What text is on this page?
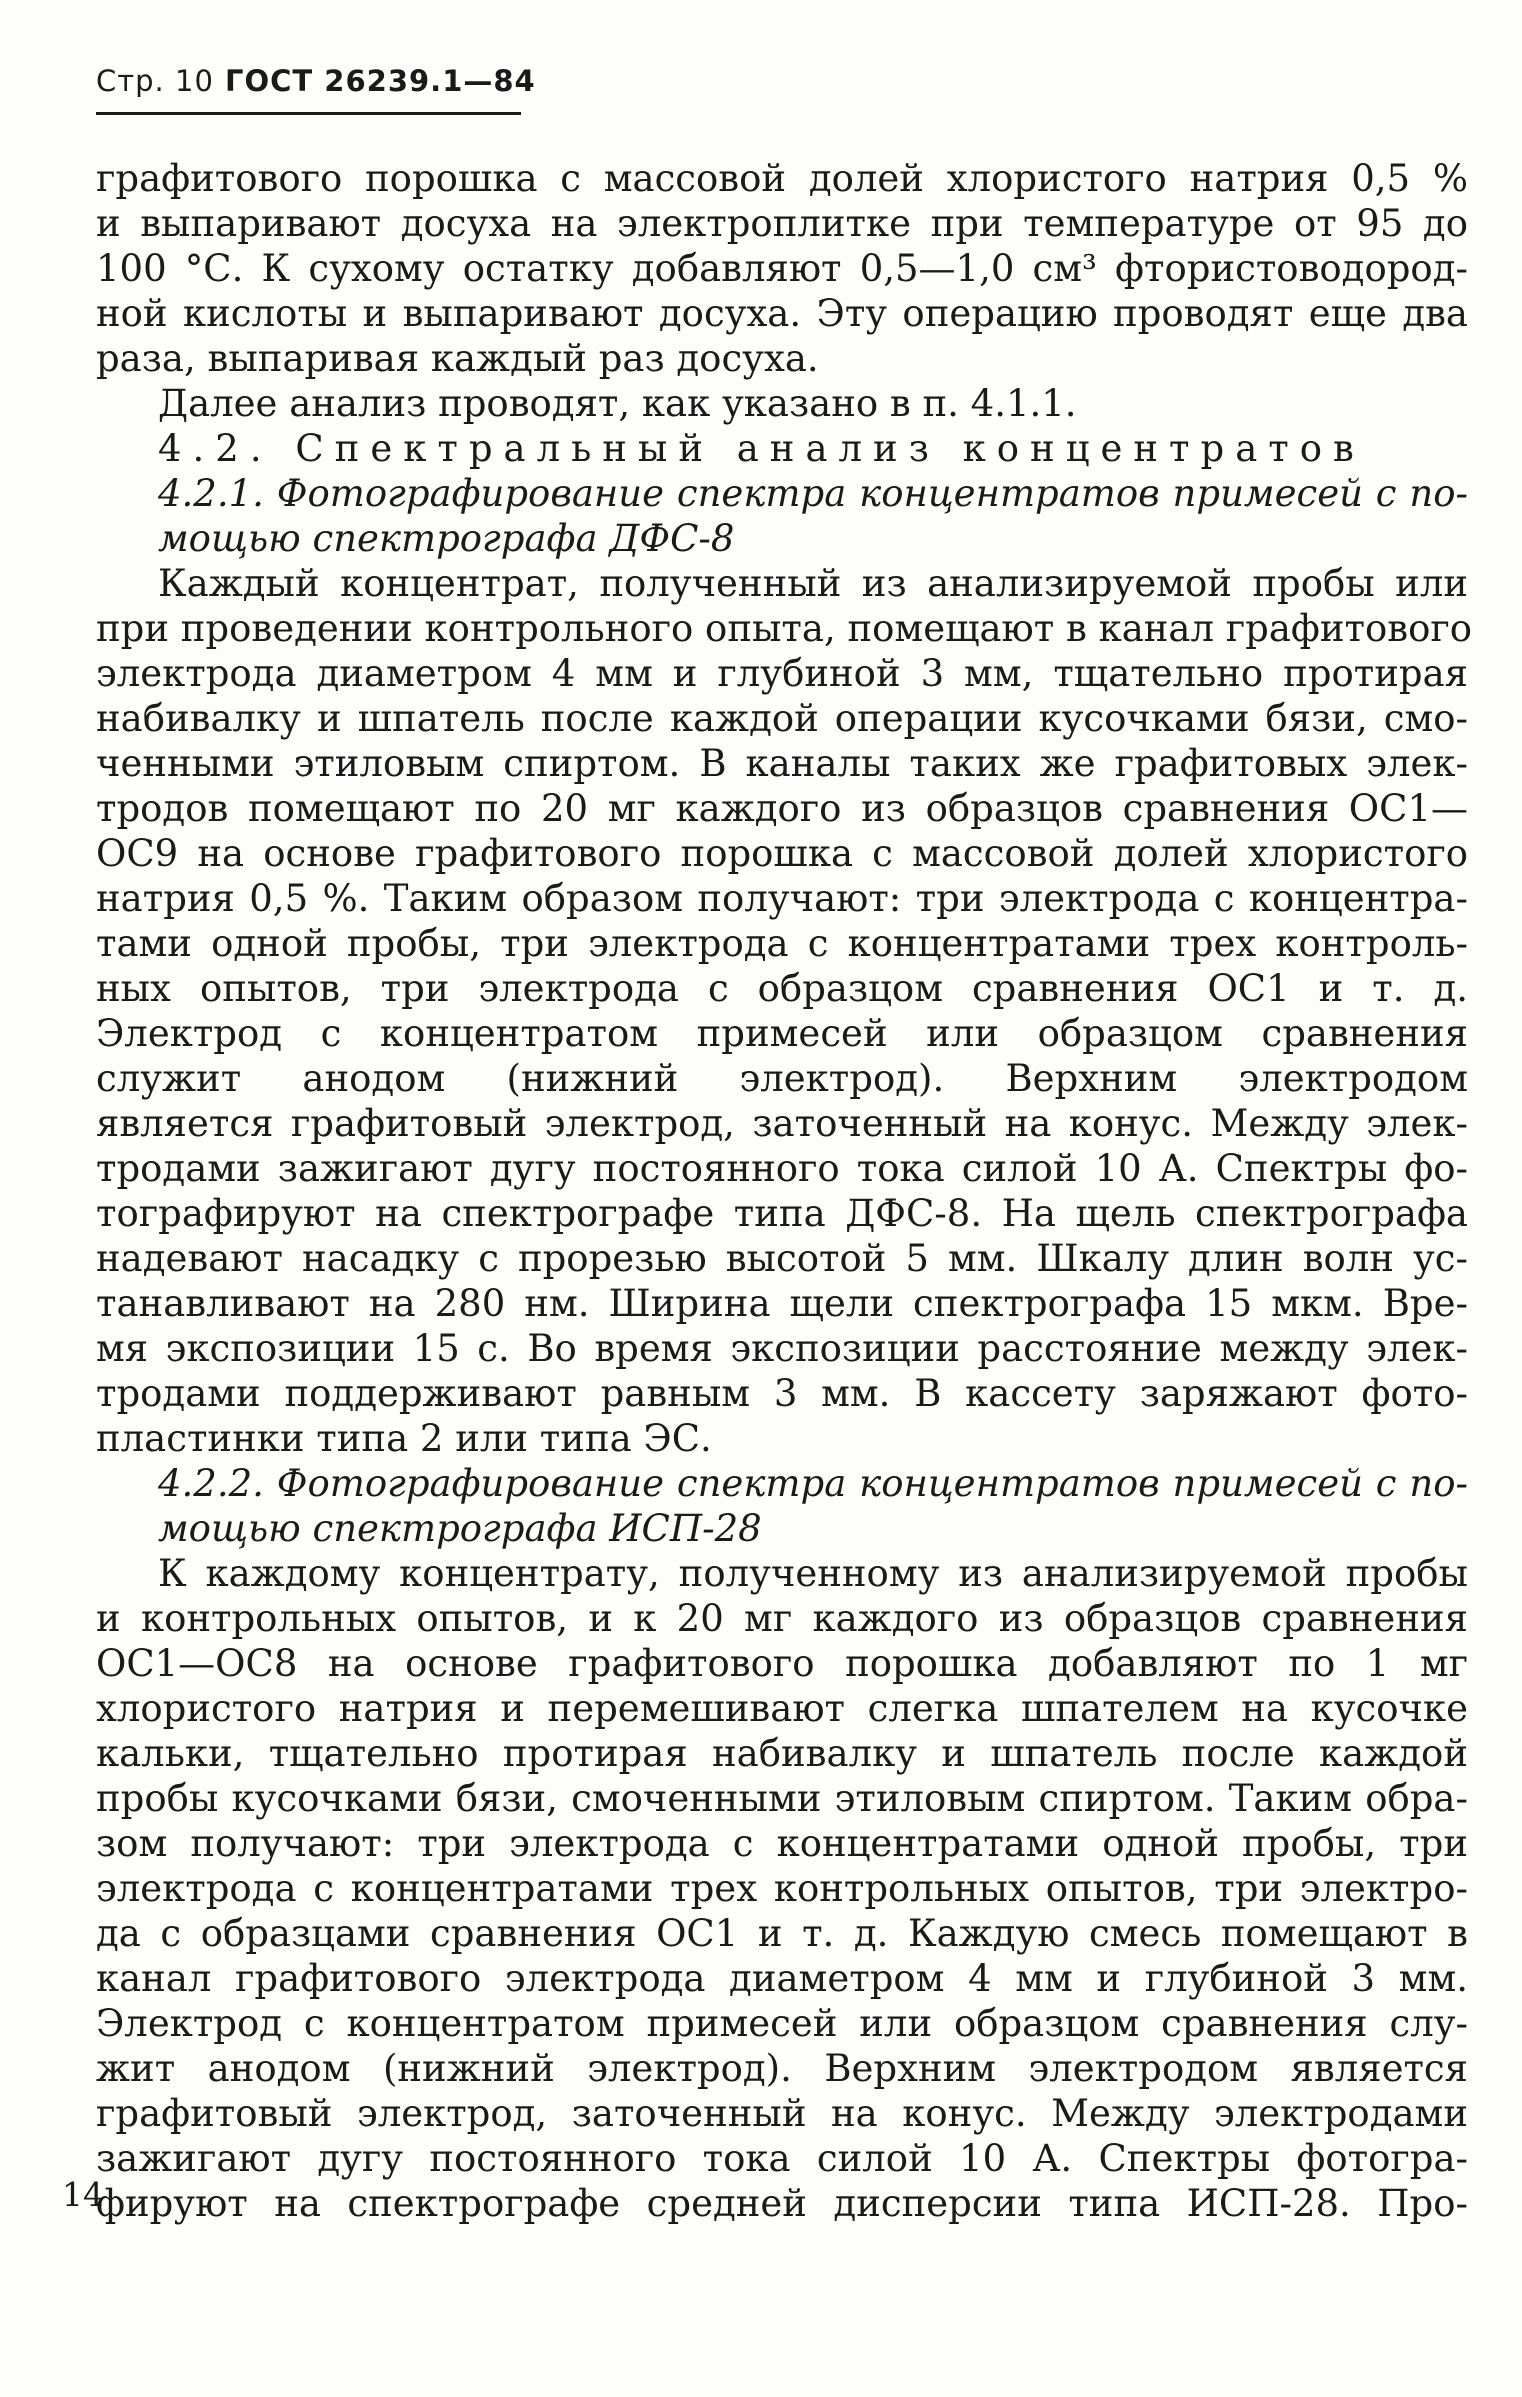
Стр. 10 ГОСТ 26239.1—84
графитового порошка с массовой долей хлористого натрия 0,5 %
и выпаривают досуха на электроплитке при температуре от 95 до
100 °С. К сухому остатку добавляют 0,5—1,0 см³ фтористоводород-
ной кислоты и выпаривают досуха. Эту операцию проводят еще два
раза, выпаривая каждый раз досуха.
Далее анализ проводят, как указано в п. 4.1.1.
4.2. Спектральный анализ концентратов
4.2.1. Фотографирование спектра концентратов примесей с по-
мощью спектрографа ДФС-8
Каждый концентрат, полученный из анализируемой пробы или
при проведении контрольного опыта, помещают в канал графитового
электрода диаметром 4 мм и глубиной 3 мм, тщательно протирая
набивалку и шпатель после каждой операции кусочками бязи, смо-
ченными этиловым спиртом. В каналы таких же графитовых элек-
тродов помещают по 20 мг каждого из образцов сравнения ОС1—
ОС9 на основе графитового порошка с массовой долей хлористого
натрия 0,5 %. Таким образом получают: три электрода с концентра-
тами одной пробы, три электрода с концентратами трех контроль-
ных опытов, три электрода с образцом сравнения ОС1 и т. д.
Электрод с концентратом примесей или образцом сравнения
служит анодом (нижний электрод). Верхним электродом
является графитовый электрод, заточенный на конус. Между элек-
тродами зажигают дугу постоянного тока силой 10 А. Спектры фо-
тографируют на спектрографе типа ДФС-8. На щель спектрографа
надевают насадку с прорезью высотой 5 мм. Шкалу длин волн ус-
танавливают на 280 нм. Ширина щели спектрографа 15 мкм. Вре-
мя экспозиции 15 с. Во время экспозиции расстояние между элек-
тродами поддерживают равным 3 мм. В кассету заряжают фото-
пластинки типа 2 или типа ЭС.
4.2.2. Фотографирование спектра концентратов примесей с по-
мощью спектрографа ИСП-28
К каждому концентрату, полученному из анализируемой пробы
и контрольных опытов, и к 20 мг каждого из образцов сравнения
ОС1—ОС8 на основе графитового порошка добавляют по 1 мг
хлористого натрия и перемешивают слегка шпателем на кусочке
кальки, тщательно протирая набивалку и шпатель после каждой
пробы кусочками бязи, смоченными этиловым спиртом. Таким обра-
зом получают: три электрода с концентратами одной пробы, три
электрода с концентратами трех контрольных опытов, три электро-
да с образцами сравнения ОС1 и т. д. Каждую смесь помещают в
канал графитового электрода диаметром 4 мм и глубиной 3 мм.
Электрод с концентратом примесей или образцом сравнения слу-
жит анодом (нижний электрод). Верхним электродом является
графитовый электрод, заточенный на конус. Между электродами
зажигают дугу постоянного тока силой 10 А. Спектры фотогра-
фируют на спектрографе средней дисперсии типа ИСП-28. Про-
14
